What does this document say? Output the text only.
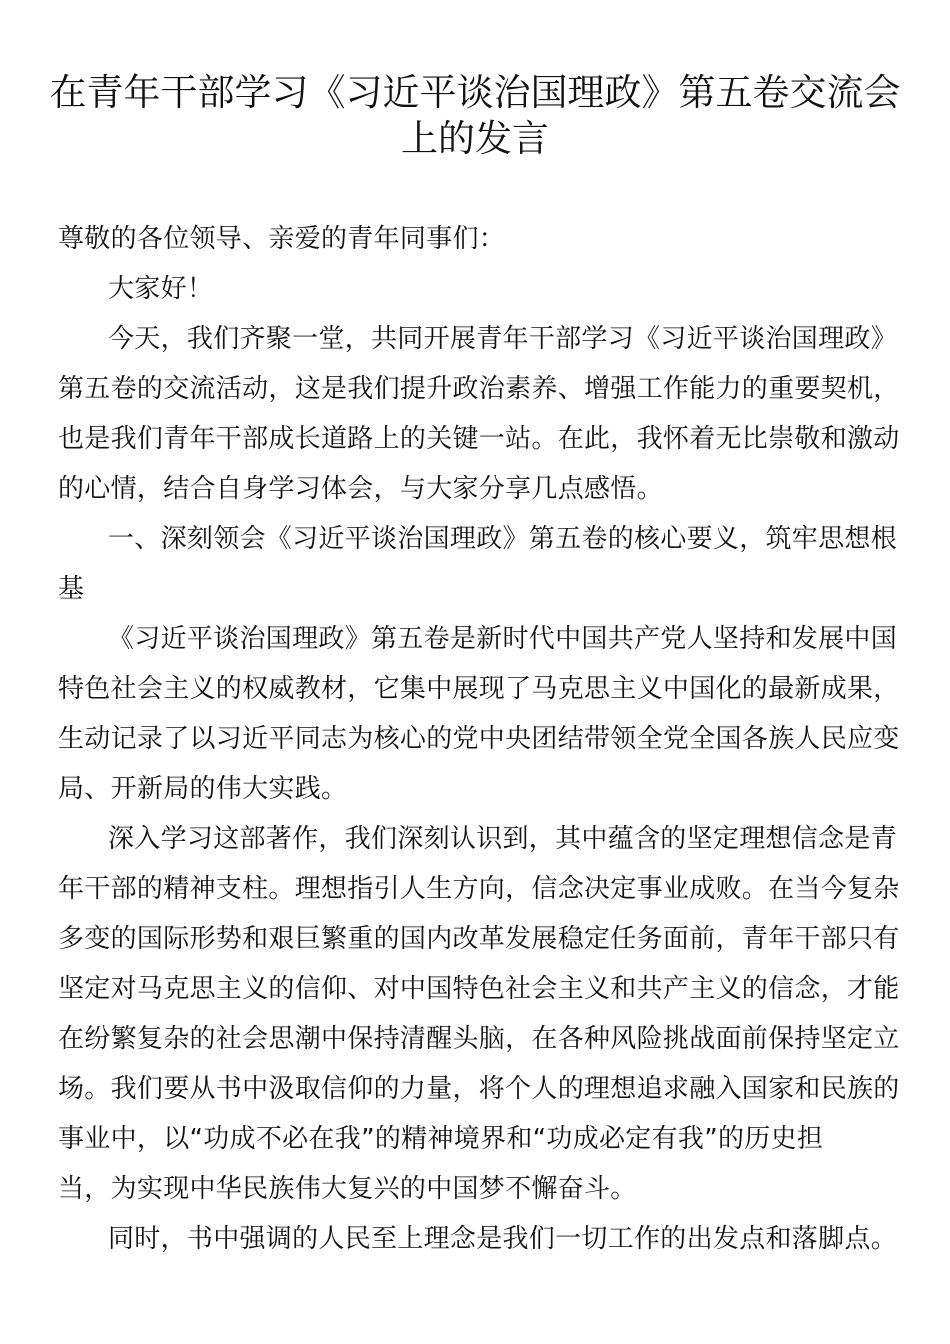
在青年干部学习《习近平谈治国理政》第五卷交流会
上的发言
尊敬的各位领导、亲爱的青年同事们：
大家好！
今天，我们齐聚一堂，共同开展青年干部学习《习近平谈治国理政》
第五卷的交流活动，这是我们提升政治素养、增强工作能力的重要契机，
也是我们青年干部成长道路上的关键一站。在此，我怀着无比崇敬和激动
的心情，结合自身学习体会，与大家分享几点感悟。
一、深刻领会《习近平谈治国理政》第五卷的核心要义，筑牢思想根
基
《习近平谈治国理政》第五卷是新时代中国共产党人坚持和发展中国
特色社会主义的权威教材，它集中展现了马克思主义中国化的最新成果，
生动记录了以习近平同志为核心的党中央团结带领全党全国各族人民应变
局、开新局的伟大实践。
深入学习这部著作，我们深刻认识到，其中蕴含的坚定理想信念是青
年干部的精神支柱。理想指引人生方向，信念决定事业成败。在当今复杂
多变的国际形势和艰巨繁重的国内改革发展稳定任务面前，青年干部只有
坚定对马克思主义的信仰、对中国特色社会主义和共产主义的信念，才能
在纷繁复杂的社会思潮中保持清醒头脑，在各种风险挑战面前保持坚定立
场。我们要从书中汲取信仰的力量，将个人的理想追求融入国家和民族的
事业中，以“功成不必在我”的精神境界和“功成必定有我”的历史担
当，为实现中华民族伟大复兴的中国梦不懈奋斗。
同时，书中强调的人民至上理念是我们一切工作的出发点和落脚点。
